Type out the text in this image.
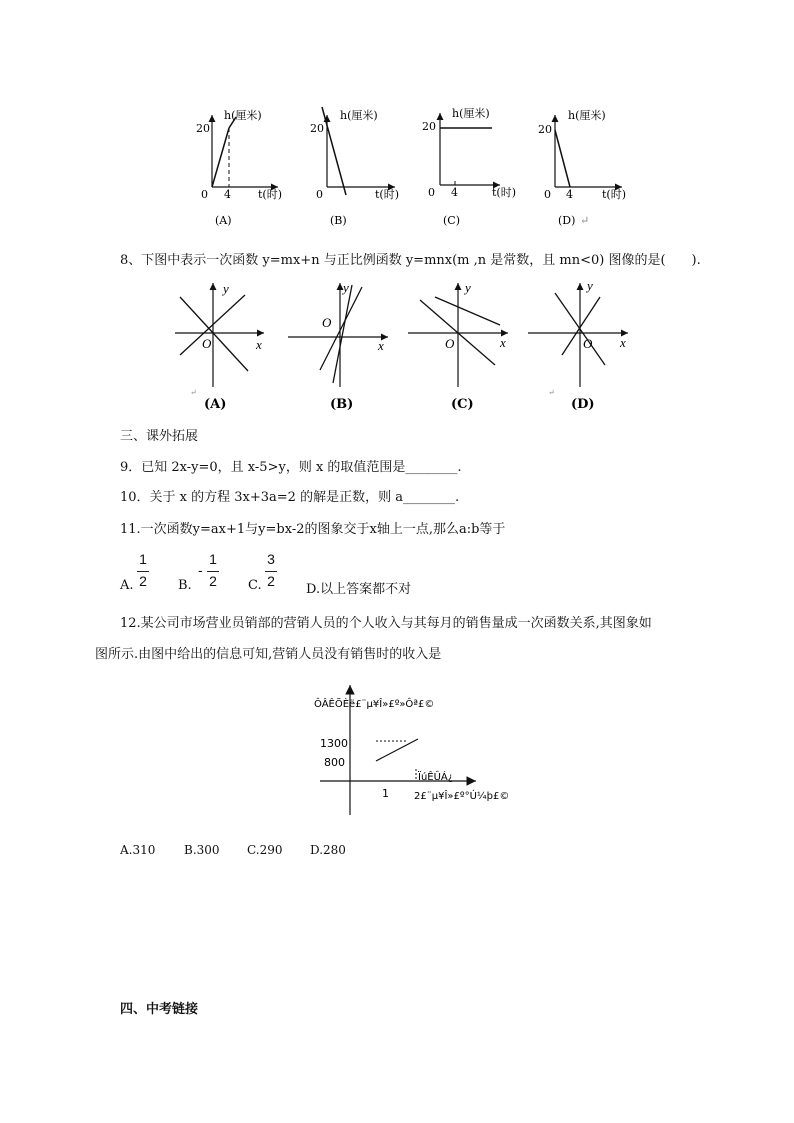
h(厘米)
20
0 4 t(时)
(A)
h(厘米)
20
0	t(时)
(B)
h(厘米)
20
0 4	t(时)
(C)
h(厘米)
20
0 4	t(时)
(D) ↵
8、下图中表示一次函数 y=mx+n 与正比例函数 y=mnx(m ,n 是常数，且 mn<0) 图像的是(　　).
y
x
O
(A)
↵
y
x
O
(B)
y
x
O
(C)
↵
y
x
O
(D)
三、课外拓展
9．已知 2x-y=0，且 x-5>y，则 x 的取值范围是________.
10．关于 x 的方程 3x+3a=2 的解是正数，则 a________.
11.一次函数y=ax+1与y=bx-2的图象交于x轴上一点,那么a:b等于
A.
1
2 B.
-
1
2 C.
3
2
D.以上答案都不对
12.某公司市场营业员销部的营销人员的个人收入与其每月的销售量成一次函数关系,其图象如
图所示.由图中给出的信息可知,营销人员没有销售时的收入是
ÔÂÊÕÈë£¨µ¥Î»£º»Ôª£©
1300
800
ÏúÊÛÁ¿
1	2£¨µ¥Î»£º°Ú¼þ£©
A.310 B.300 C.290 D.280
四、中考链接
